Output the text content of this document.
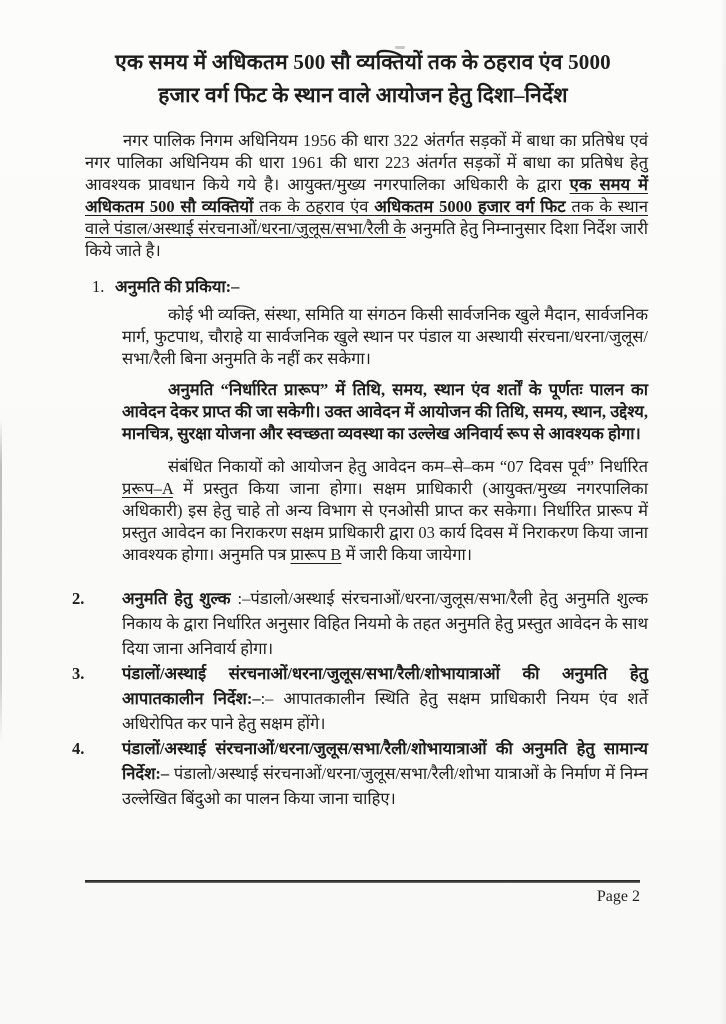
एक समय में अधिकतम 500 सौ व्यक्तियों तक के ठहराव एंव 5000
हजार वर्ग फिट के स्थान वाले आयोजन हेतु दिशा–निर्देश

नगर पालिक निगम अधिनियम 1956 की धारा 322 अंतर्गत सड़कों में बाधा का प्रतिषेध एवं नगर पालिका अधिनियम की धारा 1961 की धारा 223 अंतर्गत सड़कों में बाधा का प्रतिषेध हेतु आवश्यक प्रावधान किये गये है। आयुक्त/मुख्य नगरपालिका अधिकारी के द्वारा एक समय में अधिकतम 500 सौ व्यक्तियों तक के ठहराव एंव अधिकतम 5000 हजार वर्ग फिट तक के स्थान वाले पंडाल/अस्थाई संरचनाओं/धरना/जुलूस/सभा/रैली के अनुमति हेतु निम्नानुसार दिशा निर्देश जारी किये जाते है।

1. अनुमति की प्रकिया:–

कोई भी व्यक्ति, संस्था, समिति या संगठन किसी सार्वजनिक खुले मैदान, सार्वजनिक मार्ग, फुटपाथ, चौराहे या सार्वजनिक खुले स्थान पर पंडाल या अस्थायी संरचना/धरना/जुलूस/सभा/रैली बिना अनुमति के नहीं कर सकेगा।

अनुमति “निर्धारित प्रारूप” में तिथि, समय, स्थान एंव शर्तों के पूर्णतः पालन का आवेदन देकर प्राप्त की जा सकेगी। उक्त आवेदन में आयोजन की तिथि, समय, स्थान, उद्देश्य, मानचित्र, सुरक्षा योजना और स्वच्छता व्यवस्था का उल्लेख अनिवार्य रूप से आवश्यक होगा।

संबंधित निकायों को आयोजन हेतु आवेदन कम–से–कम “07 दिवस पूर्व” निर्धारित प्ररूप–A में प्रस्तुत किया जाना होगा। सक्षम प्राधिकारी (आयुक्त/मुख्य नगरपालिका अधिकारी) इस हेतु चाहे तो अन्य विभाग से एनओसी प्राप्त कर सकेगा। निर्धारित प्रारूप में प्रस्तुत आवेदन का निराकरण सक्षम प्राधिकारी द्वारा 03 कार्य दिवस में निराकरण किया जाना आवश्यक होगा। अनुमति पत्र प्रारूप B में जारी किया जायेगा।

2.	अनुमति हेतु शुल्क :–पंडालो/अस्थाई संरचनाओं/धरना/जुलूस/सभा/रैली हेतु अनुमति शुल्क निकाय के द्वारा निर्धारित अनुसार विहित नियमो के तहत अनुमति हेतु प्रस्तुत आवेदन के साथ दिया जाना अनिवार्य होगा।

3.	पंडालों/अस्थाई संरचनाओं/धरना/जुलूस/सभा/रैली/शोभायात्राओं की अनुमति हेतु आपातकालीन निर्देश:–:– आपातकालीन स्थिति हेतु सक्षम प्राधिकारी नियम एंव शर्ते अधिरोपित कर पाने हेतु सक्षम होंगे।

4.	पंडालों/अस्थाई संरचनाओं/धरना/जुलूस/सभा/रैली/शोभायात्राओं की अनुमति हेतु सामान्य निर्देश:– पंडालो/अस्थाई संरचनाओं/धरना/जुलूस/सभा/रैली/शोभा यात्राओं के निर्माण में निम्न उल्लेखित बिंदुओ का पालन किया जाना चाहिए।

Page 2
